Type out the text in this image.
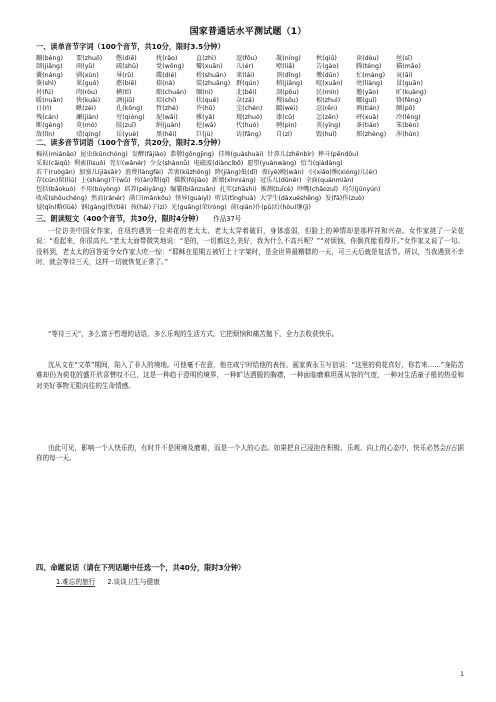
国家普通话水平测试题（1）
一、读单音节字词（100个音节，共10分，限时3.5分钟）
蹦(bèng) 要(zhuō) 憋(diē)	扰(rǎo)	直(zhì)	逗(fǒu)	凝(níng) 秋(qiū)	读(dòu)	丝(sī)
制(jiǎng) 雨(yǔ)	疏(shū)	党(wǒng) 瓣(xuān) 儿(ér)	嘹(liǎ)	告(gào)	腾(téng) 猫(māo)
囊(náng) 驯(xùn)	导(rǔ)	碟(dié)	栓(shuān) 来(lái)	顶(dǐng) 墩(dūn)	忙(máng) 哀(āi)
鉴(shì)	果(guǒ)	憨(biē)	捺(nà)	装(zhuāng) 群(qún)	稍(jiāng) 喧(xuān) 亮(liàng) 冒(guān)
衬(fú)	肉(ròu)	横(tī)	船(chuán) 缅(ní)	北(běi)	剖(pōu)	民(mín)	邀(yāo)	旷(kuàng)
暖(nuǎn) 快(kuài)	酒(jiǔ)	琮(chí)	状(quē)	杂(zá)	搜(sōu)	根(zhuì)	娜(guǐ)	锋(fēng)
日(rì)	瞅(zèi)	孔(kǒng) 哲(zhé)	许(hǔ)	尘(chén) 踹(wèi)	忍(rěn)	填(tián)	颇(pō)
残(cán)	涮(jiàn)	穷(qióng) 泥(wǎi)	雅(yǎ)	现(zhuó) 漆(cǔ)	怎(zěn)	砰(xuǎ)	冷(lěng)
断(gèng) 莫(mò)	肢(zuī)	绢(juàn) 挖(wā)	代(huó)	骋(pìn)	英(yīng) 条(tiáo)	笨(bèn)
敌(lǐn)	靖(qíng) 岳(yuè)	黑(hēi)	巨(jù)	访(fǎng) 自(zì)	毁(huǐ)	郑(zhèng) 浑(hún)
二、读多音节词语（100个音节，共20分，限时2.5分钟）
棉袄(miánǎo) 昆虫(kūnchóng) 发酵(fājiào) 恭敬(gōngjìng) 挂帅(guàshuài) 针鼻儿(zhēnbír) 摔斗(pēndǒu)
采取(cǎiqǔ) 利索(lìsuǒ) 莞尔(wǎnér) 少女(shàonǚ) 电磁波(diàncíbō) 愿望(yuànwàng) 恰当(qiàdàng)
若干(ruògān) 加塞儿(jiāsāir) 浪费(làngfèi) 苦衷(kǔzhōng) 降(jiàng)低(dī) 夜(yè)晚(wǎn) 小(xiǎo)熊(xióng)儿(ér)
存(cún)留(liú) 上(shàng)午(wǔ) 按(àn)期(qī) 佛教(fójiào) 新娘(xīnniáng) 冠乐儿(dǔnēr) 全面(quánmiàn)
包括(bāokuò) 不用(búyòng) 培养(péiyǎng) 编纂(biānzuǎn) 扎实(zhāshi) 推测(tuīcè) 吵嘴(chǎozuǐ) 均匀(jūnyún)
收成(shōuchéng) 然而(ránér) 满口(mǎnkǒu) 怪异(guàiyì) 听话(tīnghuà) 大学生(dàxuéshēng) 发(fā)作(zuò)
侵(qīn)略(lüè) 钢(gāng)铁(tiě) 孩(hái)子(zi) 光(guāng)荣(róng) 前(qián)仆(pū)后(hòu)继(jì)
三、朗读短文（400个音节，共30分，限时4分钟） 作品37号

一位访美中国女作家，在纽约遇到一位卖花的老太太。老太太穿着破旧，身体虚弱，但脸上的神情却是那样祥和兴奋。女作家挑了一朵花说：“看起来，你很高兴。”老太太面带微笑地说：“是的，一切都这么美好，我为什么不高兴呢？”“对烦恼，你倒真能看得开。”女作家又说了一句。没料到，老太太的回答更令女作家大吃一惊：“耶稣在星期五被钉上十字架时，是全世界最糟糕的一天，可三天后就是复活节。所以，当我遇到不幸时，就会等待三天，这样一切就恢复正常了。”

“等待三天”，多么富于哲理的话语，多么乐观的生活方式。它把烦恼和痛苦抛下，全力去收获快乐。

沈从文在“文革”期间，陷入了非人的境地。可他毫不在意，他在咸宁时给他的表侄、画家黄永玉写信说：“这里的荷花真好，你若来……”身陷苦难却仍为荷花的盛开欣喜赞叹不已，这是一种趋于澄明的境界，一种旷达洒脱的胸襟，一种面临磨难坦荡从容的气度，一种对生活童子般的热爱和对美好事物无限向往的生命情感。

由此可见，影响一个人快乐的，有时并不是困境及磨难，而是一个人的心态。如果把自己浸泡在积极、乐观、向上的心态中，快乐必然会//占据你的每一天。

四、命题说话（请在下列话题中任选一个，共40分，限时3分钟）
1.难忘的旅行 2.谈谈卫生与健康
1
